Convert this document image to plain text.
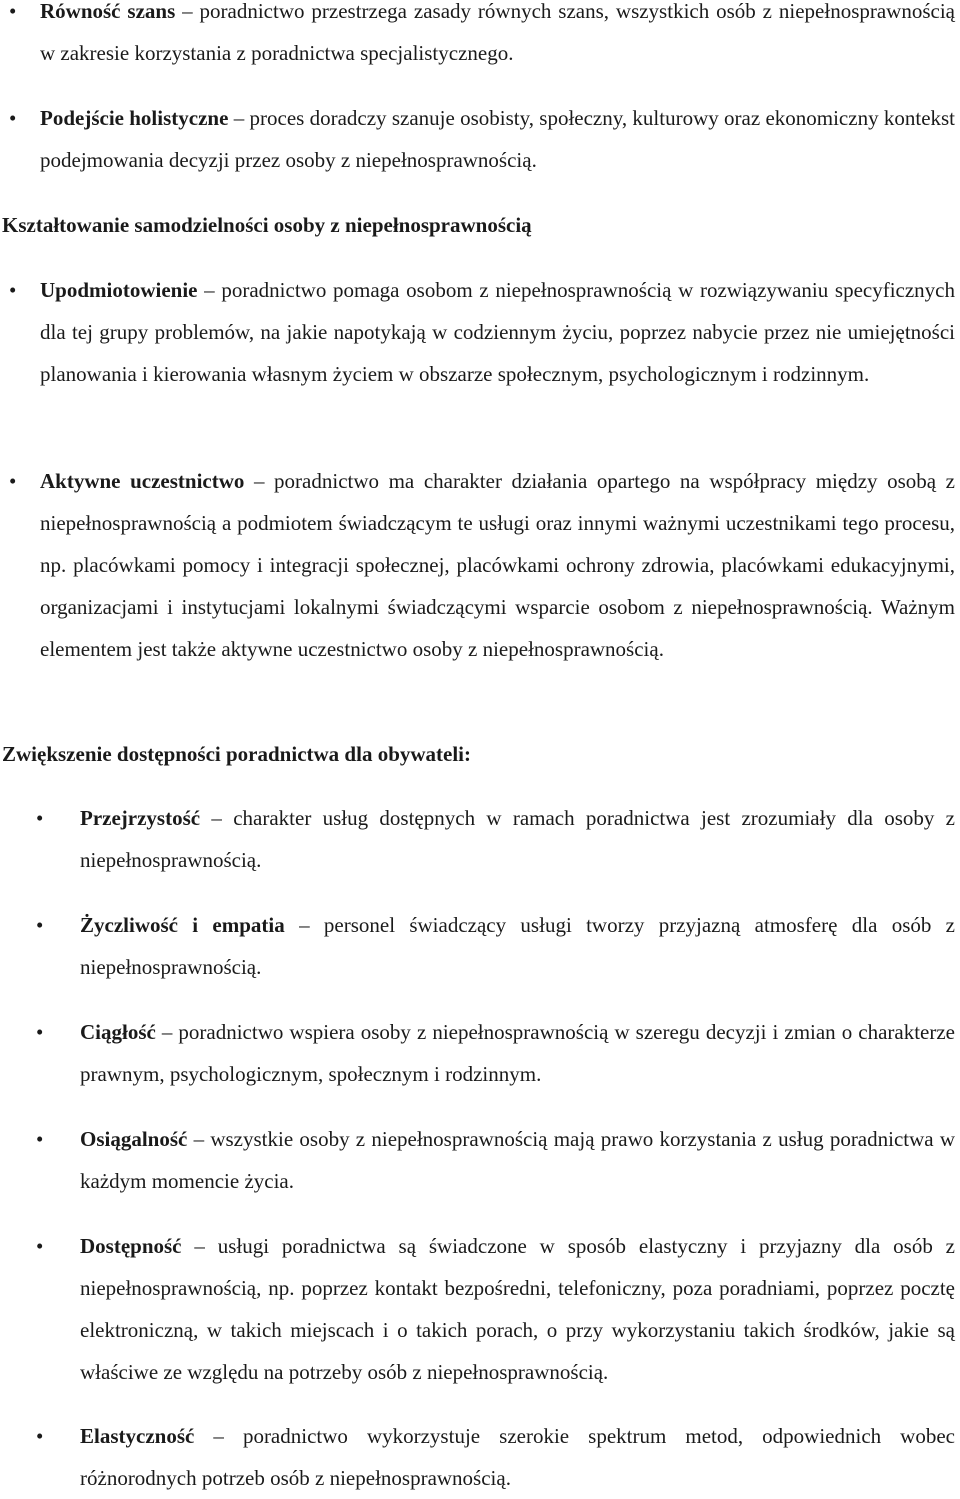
• Równość szans – poradnictwo przestrzega zasady równych szans, wszystkich osób z niepełnosprawnością w zakresie korzystania z poradnictwa specjalistycznego.
• Podejście holistyczne – proces doradczy szanuje osobisty, społeczny, kulturowy oraz ekonomiczny kontekst podejmowania decyzji przez osoby z niepełnosprawnością.
Kształtowanie samodzielności osoby z niepełnosprawnością
• Upodmiotowienie – poradnictwo pomaga osobom z niepełnosprawnością w rozwiązywaniu specyficznych dla tej grupy problemów, na jakie napotykają w codziennym życiu, poprzez nabycie przez nie umiejętności planowania i kierowania własnym życiem w obszarze społecznym, psychologicznym i rodzinnym.
• Aktywne uczestnictwo – poradnictwo ma charakter działania opartego na współpracy między osobą z niepełnosprawnością a podmiotem świadczącym te usługi oraz innymi ważnymi uczestnikami tego procesu, np. placówkami pomocy i integracji społecznej, placówkami ochrony zdrowia, placówkami edukacyjnymi, organizacjami i instytucjami lokalnymi świadczącymi wsparcie osobom z niepełnosprawnością. Ważnym elementem jest także aktywne uczestnictwo osoby z niepełnosprawnością.
Zwiększenie dostępności poradnictwa dla obywateli:
• Przejrzystość – charakter usług dostępnych w ramach poradnictwa jest zrozumiały dla osoby z niepełnosprawnością.
• Życzliwość i empatia – personel świadczący usługi tworzy przyjazną atmosferę dla osób z niepełnosprawnością.
• Ciągłość – poradnictwo wspiera osoby z niepełnosprawnością w szeregu decyzji i zmian o charakterze prawnym, psychologicznym, społecznym i rodzinnym.
• Osiągalność – wszystkie osoby z niepełnosprawnością mają prawo korzystania z usług poradnictwa w każdym momencie życia.
• Dostępność – usługi poradnictwa są świadczone w sposób elastyczny i przyjazny dla osób z niepełnosprawnością, np. poprzez kontakt bezpośredni, telefoniczny, poza poradniami, poprzez pocztę elektroniczną, w takich miejscach i o takich porach, o przy wykorzystaniu takich środków, jakie są właściwe ze względu na potrzeby osób z niepełnosprawnością.
• Elastyczność – poradnictwo wykorzystuje szerokie spektrum metod, odpowiednich wobec różnorodnych potrzeb osób z niepełnosprawnością.
